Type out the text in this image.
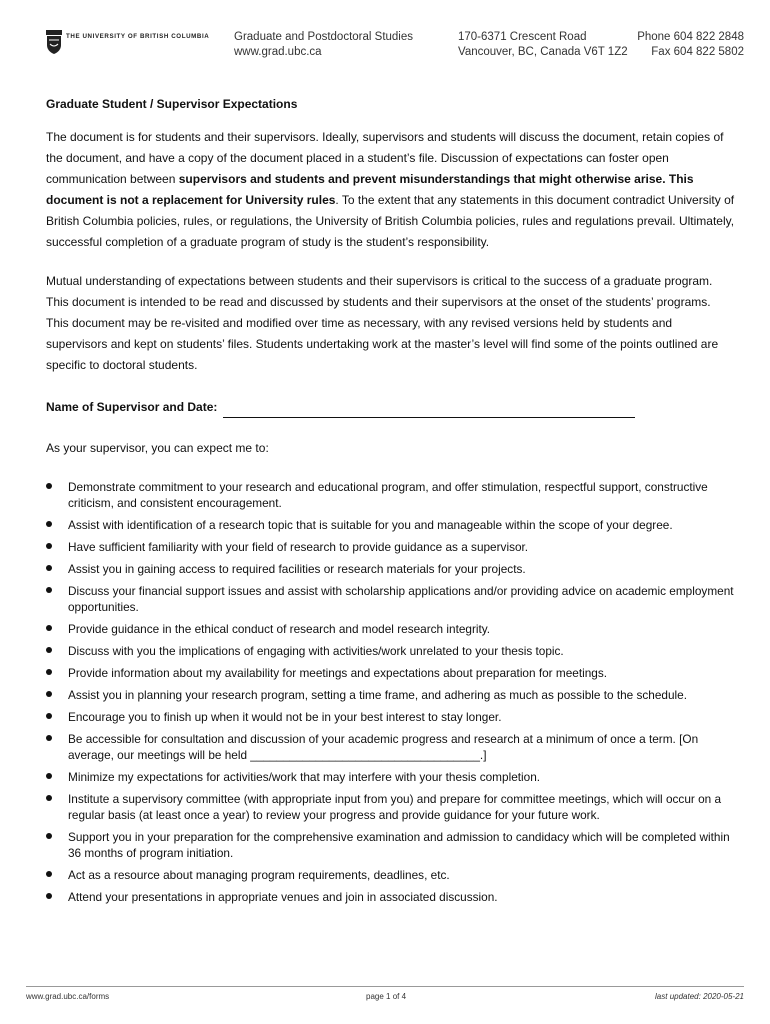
THE UNIVERSITY OF BRITISH COLUMBIA Graduate and Postdoctoral Studies
www.grad.ubc.ca
170-6371 Crescent Road
Vancouver, BC, Canada V6T 1Z2
Phone 604 822 2848
Fax 604 822 5802
Graduate Student / Supervisor Expectations

The document is for students and their supervisors. Ideally, supervisors and students will discuss the document, retain copies of the document, and have a copy of the document placed in a student’s file. Discussion of expectations can foster open communication between supervisors and students and prevent misunderstandings that might otherwise arise. This document is not a replacement for University rules. To the extent that any statements in this document contradict University of British Columbia policies, rules, or regulations, the University of British Columbia policies, rules and regulations prevail. Ultimately, successful completion of a graduate program of study is the student’s responsibility.

Mutual understanding of expectations between students and their supervisors is critical to the success of a graduate program. This document is intended to be read and discussed by students and their supervisors at the onset of the students’ programs. This document may be re-visited and modified over time as necessary, with any revised versions held by students and supervisors and kept on students’ files. Students undertaking work at the master’s level will find some of the points outlined are specific to doctoral students.

Name of Supervisor and Date:
As your supervisor, you can expect me to:
Demonstrate commitment to your research and educational program, and offer stimulation, respectful support, constructive criticism, and consistent encouragement.
Assist with identification of a research topic that is suitable for you and manageable within the scope of your degree.
Have sufficient familiarity with your field of research to provide guidance as a supervisor.
Assist you in gaining access to required facilities or research materials for your projects.
Discuss your financial support issues and assist with scholarship applications and/or providing advice on academic employment opportunities.
Provide guidance in the ethical conduct of research and model research integrity.
Discuss with you the implications of engaging with activities/work unrelated to your thesis topic.
Provide information about my availability for meetings and expectations about preparation for meetings.
Assist you in planning your research program, setting a time frame, and adhering as much as possible to the schedule.
Encourage you to finish up when it would not be in your best interest to stay longer.
Be accessible for consultation and discussion of your academic progress and research at a minimum of once a term. [On average, our meetings will be held ___________________________________.]
Minimize my expectations for activities/work that may interfere with your thesis completion.
Institute a supervisory committee (with appropriate input from you) and prepare for committee meetings, which will occur on a regular basis (at least once a year) to review your progress and provide guidance for your future work.
Support you in your preparation for the comprehensive examination and admission to candidacy which will be completed within 36 months of program initiation.
Act as a resource about managing program requirements, deadlines, etc.
Attend your presentations in appropriate venues and join in associated discussion.
www.grad.ubc.ca/forms	page 1 of 4	last updated: 2020-05-21
